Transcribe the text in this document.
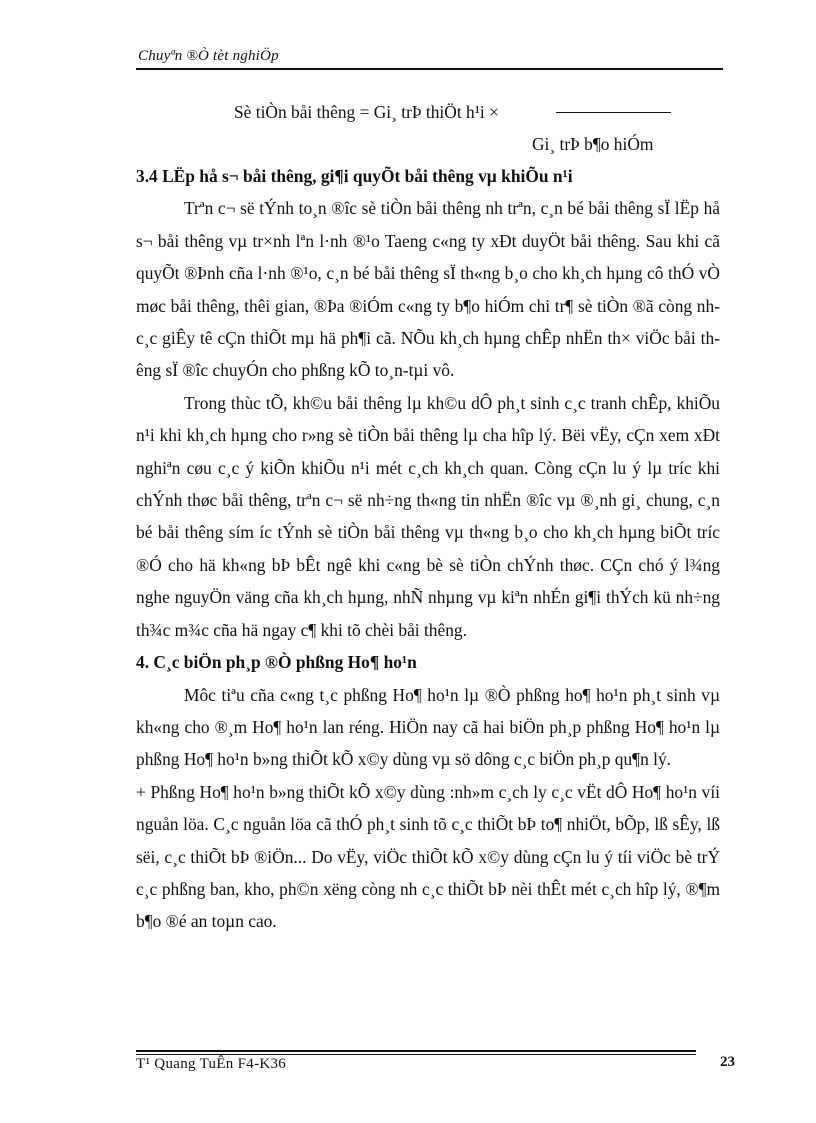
Chuyªn ®Ò tèt nghiÖp
Sè tiÒn båi thêng = Gi¸ trÞ thiÖt h¹i ×
Gi¸ trÞ b¶o hiÓm

3.4 LËp hå s¬ båi thêng, gi¶i quyÕt båi thêng vµ khiÕu n¹i

Trªn c¬ së tÝnh to¸n ®îc sè tiÒn båi thêng nh trªn, c¸n bé båi thêng sÏ lËp hå s¬ båi thêng vµ tr×nh lªn l·nh ®¹o Taeng c«ng ty xÐt duyÖt båi thêng. Sau khi cã quyÕt ®Þnh cña l·nh ®¹o, c¸n bé båi thêng sÏ th«ng b¸o cho kh¸ch hµng cô thÓ vÒ møc båi thêng, thêi gian, ®Þa ®iÓm c«ng ty b¶o hiÓm chi tr¶ sè tiÒn ®ã còng nh c¸c giÊy tê cÇn thiÕt mµ hä ph¶i cã. NÕu kh¸ch hµng chÊp nhËn th× viÖc båi thêng sÏ ®îc chuyÓn cho phßng kÕ to¸n-tµi vô.

Trong thùc tÕ, kh©u båi thêng lµ kh©u dÔ ph¸t sinh c¸c tranh chÊp, khiÕu n¹i khi kh¸ch hµng cho r»ng sè tiÒn båi thêng lµ cha hîp lý. Bëi vËy, cÇn xem xÐt nghiªn cøu c¸c ý kiÕn khiÕu n¹i mét c¸ch kh¸ch quan. Còng cÇn lu ý lµ tríc khi chÝnh thøc båi thêng, trªn c¬ së nh÷ng th«ng tin nhËn ®îc vµ ®¸nh gi¸ chung, c¸n bé båi thêng sím íc tÝnh sè tiÒn båi thêng vµ th«ng b¸o cho kh¸ch hµng biÕt tríc ®Ó cho hä kh«ng bÞ bÊt ngê khi c«ng bè sè tiÒn chÝnh thøc. CÇn chó ý l¾ng nghe nguyÖn väng cña kh¸ch hµng, nhÑ nhµng vµ kiªn nhÉn gi¶i thÝch kü nh÷ng th¾c m¾c cña hä ngay c¶ khi tõ chèi båi thêng.

4. C¸c biÖn ph¸p ®Ò phßng Ho¶ ho¹n

Môc tiªu cña c«ng t¸c phßng Ho¶ ho¹n lµ ®Ò phßng ho¶ ho¹n ph¸t sinh vµ kh«ng cho ®¸m Ho¶ ho¹n lan réng. HiÖn nay cã hai biÖn ph¸p phßng Ho¶ ho¹n lµ phßng Ho¶ ho¹n b»ng thiÕt kÕ x©y dùng vµ sö dông c¸c biÖn ph¸p qu¶n lý.

+ Phßng Ho¶ ho¹n b»ng thiÕt kÕ x©y dùng :nh»m c¸ch ly c¸c vËt dÔ Ho¶ ho¹n víi nguån löa. C¸c nguån löa cã thÓ ph¸t sinh tõ c¸c thiÕt bÞ to¶ nhiÖt, bÕp, lß sÊy, lß sëi, c¸c thiÕt bÞ ®iÖn... Do vËy, viÖc thiÕt kÕ x©y dùng cÇn lu ý tíi viÖc bè trÝ c¸c phßng ban, kho, ph©n xëng còng nh c¸c thiÕt bÞ nèi thÊt mét c¸ch hîp lý, ®¶m b¶o ®é an toµn cao.

T¹ Quang TuÊn F4-K36	23
